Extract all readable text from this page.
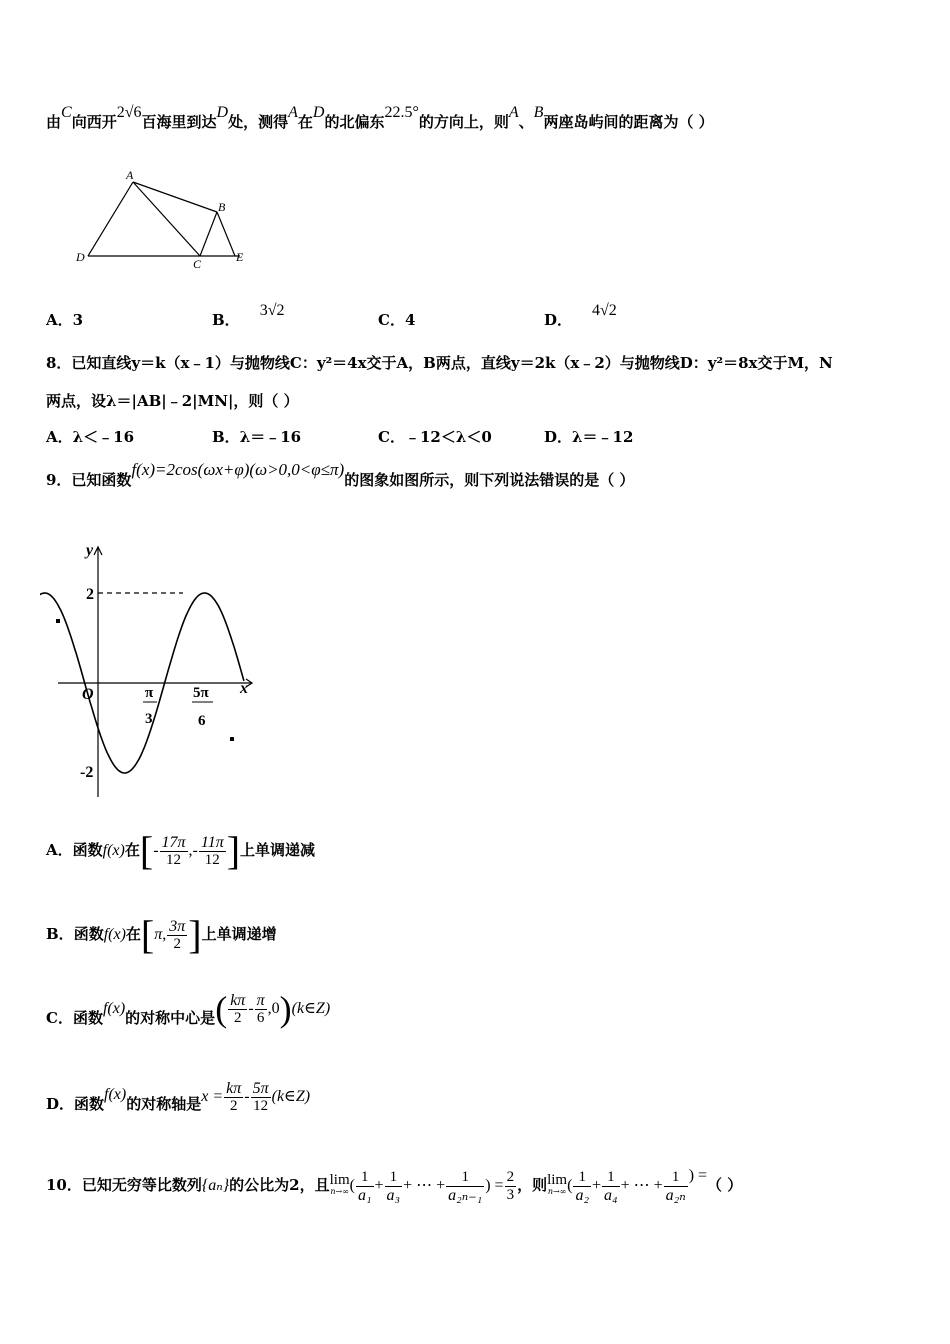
由C向西开2√6百海里到达D处，测得A在D的北偏东22.5°的方向上，则A、B两座岛屿间的距离为（ ）
A
B
C
D	E
A．3	B．3√2
C．4	D．4√2
8．已知直线y＝k（x﹣1）与抛物线C：y²＝4x交于A，B两点，直线y＝2k（x﹣2）与抛物线D：y²＝8x交于M，N
两点，设λ＝|AB|﹣2|MN|，则（ ）
A．λ＜﹣16	B．λ＝﹣16	C．﹣12＜λ＜0	D．λ＝﹣12
9．已知函数f(x)=2cos(ωx+φ)(ω>0,0<φ≤π)的图象如图所示，则下列说法错误的是（ ）
y
x
O
2
-2
π
3
5π
6
A．函数f(x)在[- $\frac{17\pi}{12}$ ,- $\frac{11\pi}{12}$ ]上单调递减
B．函数f(x)在[π, $\frac{3\pi}{2}$ ]上单调递增
C．函数f(x)的对称中心是( $\frac{k\pi}{2} - \frac{\pi}{6}$ ,0)(k∈Z)
D．函数f(x)的对称轴是$x = \frac{k\pi}{2} - \frac{5\pi}{12}$ (k∈Z)
10．已知无穷等比数列{aₙ}的公比为2，且 lim
n→∞ ( $\frac{1}{\text{a₁}} + \frac{1}{\text{a₃}}$ + ⋯ + $\frac{1}{\text{a₂ₙ₋₁}}$ ) = $\frac{2}{3}$ ，则 lim
n→∞ ( $\frac{1}{\text{a₂}} + \frac{1}{\text{a₄}}$ + ⋯ + $\frac{1}{\text{a₂ₙ}}$ ) =（ ）
